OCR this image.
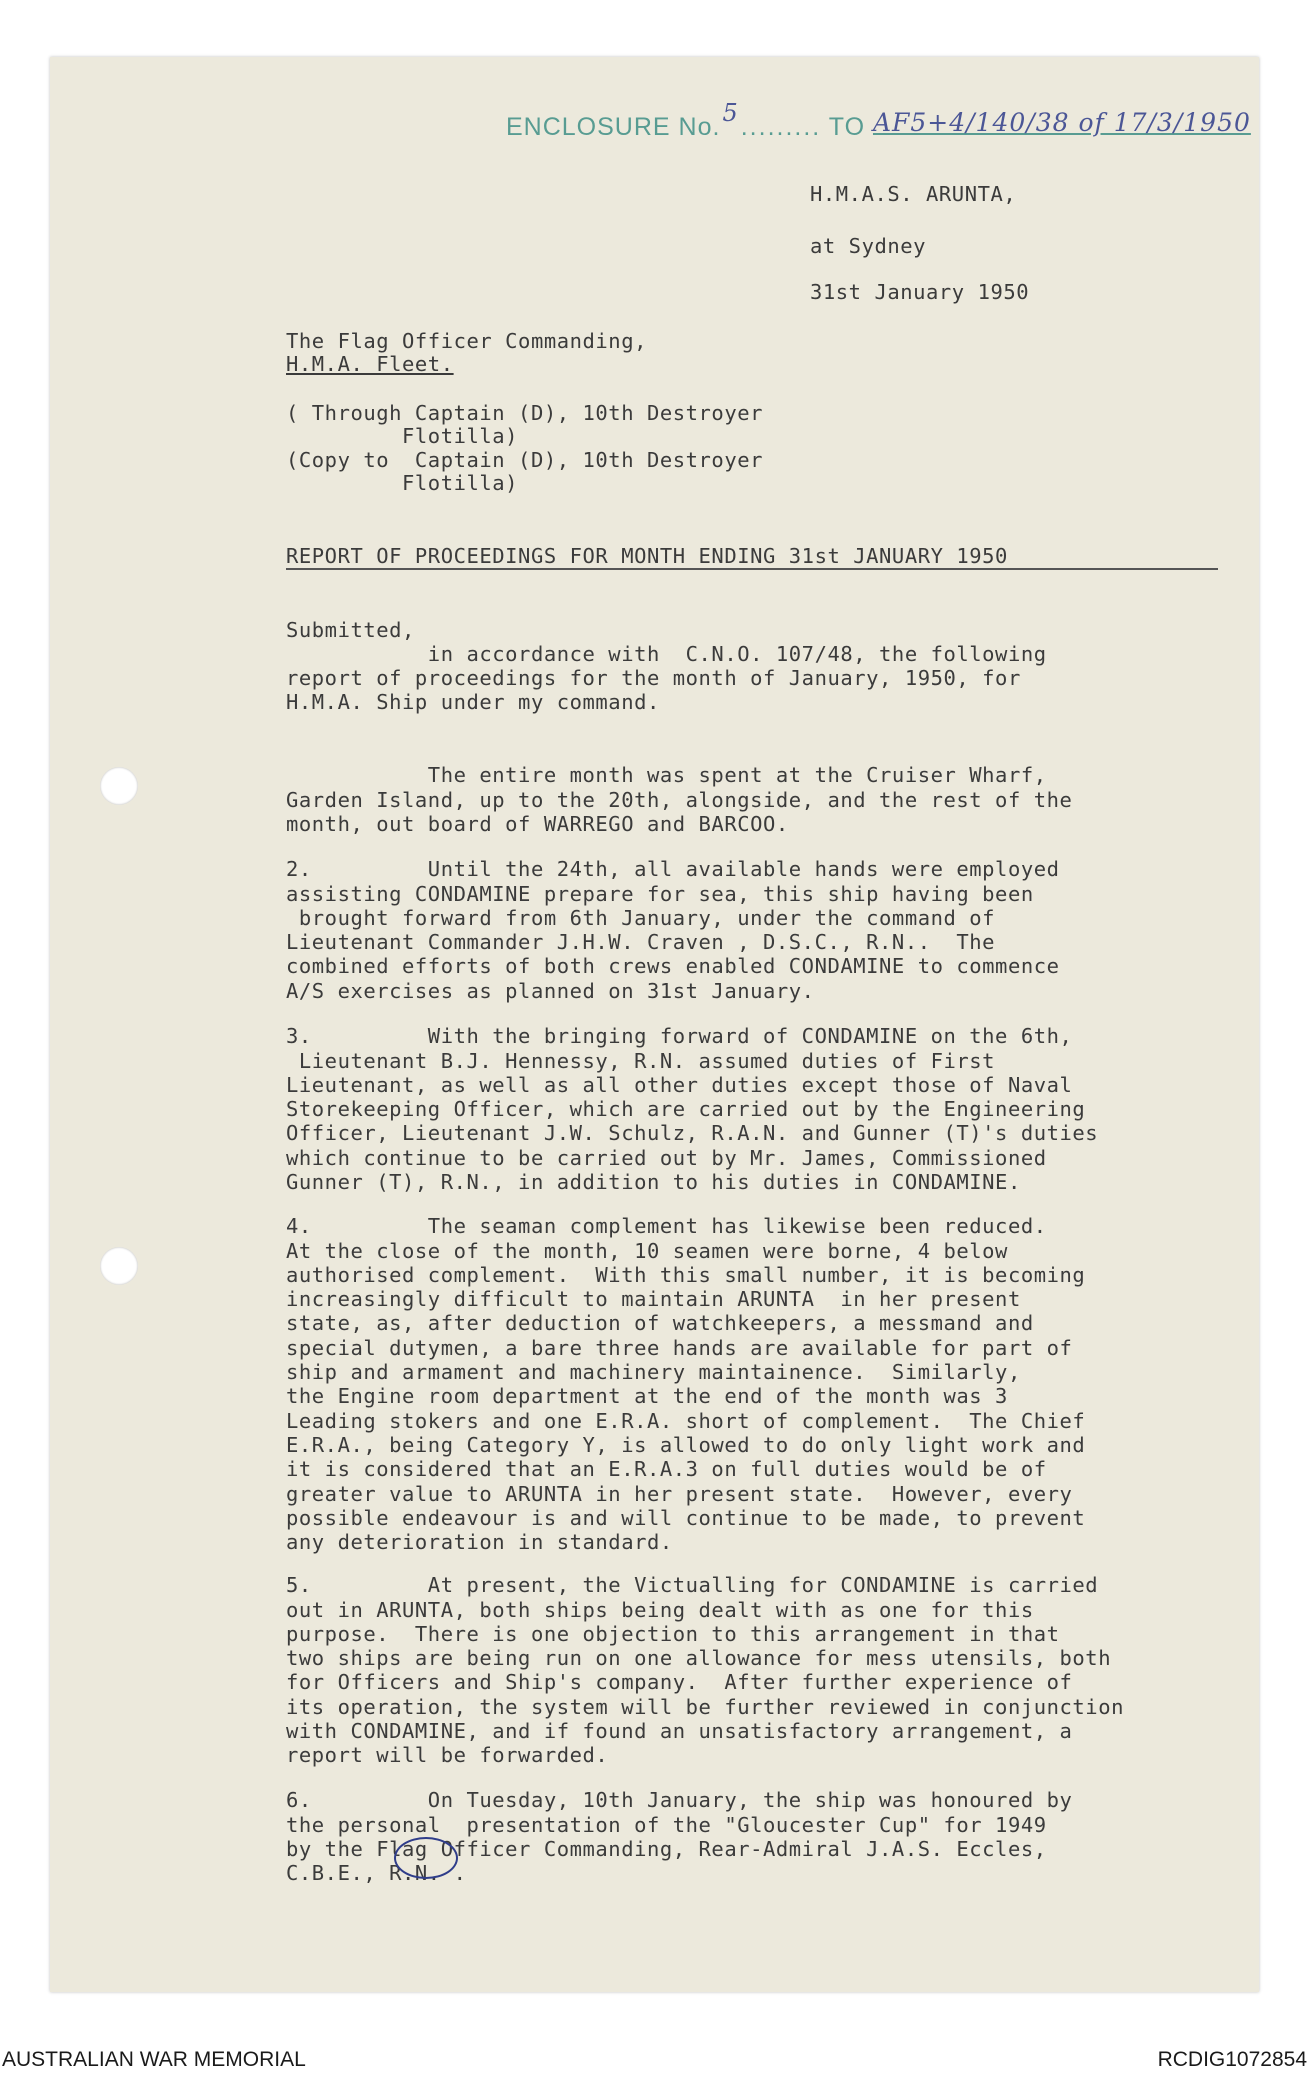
ENCLOSURE No.5......... TO AF5+4/140/38 of 17/3/1950
H.M.A.S. ARUNTA,
at Sydney
31st January 1950
The Flag Officer Commanding,
H.M.A. Fleet.
( Through Captain (D), 10th Destroyer
Flotilla)
(Copy to  Captain (D), 10th Destroyer
Flotilla)
REPORT OF PROCEEDINGS FOR MONTH ENDING 31st JANUARY 1950
Submitted,
in accordance with  C.N.O. 107/48, the following
report of proceedings for the month of January, 1950, for
H.M.A. Ship under my command.

The entire month was spent at the Cruiser Wharf,
Garden Island, up to the 20th, alongside, and the rest of the
month, out board of WARREGO and BARCOO.

2.         Until the 24th, all available hands were employed
assisting CONDAMINE prepare for sea, this ship having been
brought forward from 6th January, under the command of
Lieutenant Commander J.H.W. Craven , D.S.C., R.N..  The
combined efforts of both crews enabled CONDAMINE to commence
A/S exercises as planned on 31st January.

3.         With the bringing forward of CONDAMINE on the 6th,
Lieutenant B.J. Hennessy, R.N. assumed duties of First
Lieutenant, as well as all other duties except those of Naval
Storekeeping Officer, which are carried out by the Engineering
Officer, Lieutenant J.W. Schulz, R.A.N. and Gunner (T)'s duties
which continue to be carried out by Mr. James, Commissioned
Gunner (T), R.N., in addition to his duties in CONDAMINE.

4.         The seaman complement has likewise been reduced.
At the close of the month, 10 seamen were borne, 4 below
authorised complement.  With this small number, it is becoming
increasingly difficult to maintain ARUNTA  in her present
state, as, after deduction of watchkeepers, a messmand and
special dutymen, a bare three hands are available for part of
ship and armament and machinery maintainence.  Similarly,
the Engine room department at the end of the month was 3
Leading stokers and one E.R.A. short of complement.  The Chief
E.R.A., being Category Y, is allowed to do only light work and
it is considered that an E.R.A.3 on full duties would be of
greater value to ARUNTA in her present state.  However, every
possible endeavour is and will continue to be made, to prevent
any deterioration in standard.

5.         At present, the Victualling for CONDAMINE is carried
out in ARUNTA, both ships being dealt with as one for this
purpose.  There is one objection to this arrangement in that
two ships are being run on one allowance for mess utensils, both
for Officers and Ship's company.  After further experience of
its operation, the system will be further reviewed in conjunction
with CONDAMINE, and if found an unsatisfactory arrangement, a
report will be forwarded.

6.         On Tuesday, 10th January, the ship was honoured by
the personal  presentation of the "Gloucester Cup" for 1949
by the Flag Officer Commanding, Rear-Admiral J.A.S. Eccles,
C.B.E., R.N. .

AUSTRALIAN WAR MEMORIAL	RCDIG1072854
